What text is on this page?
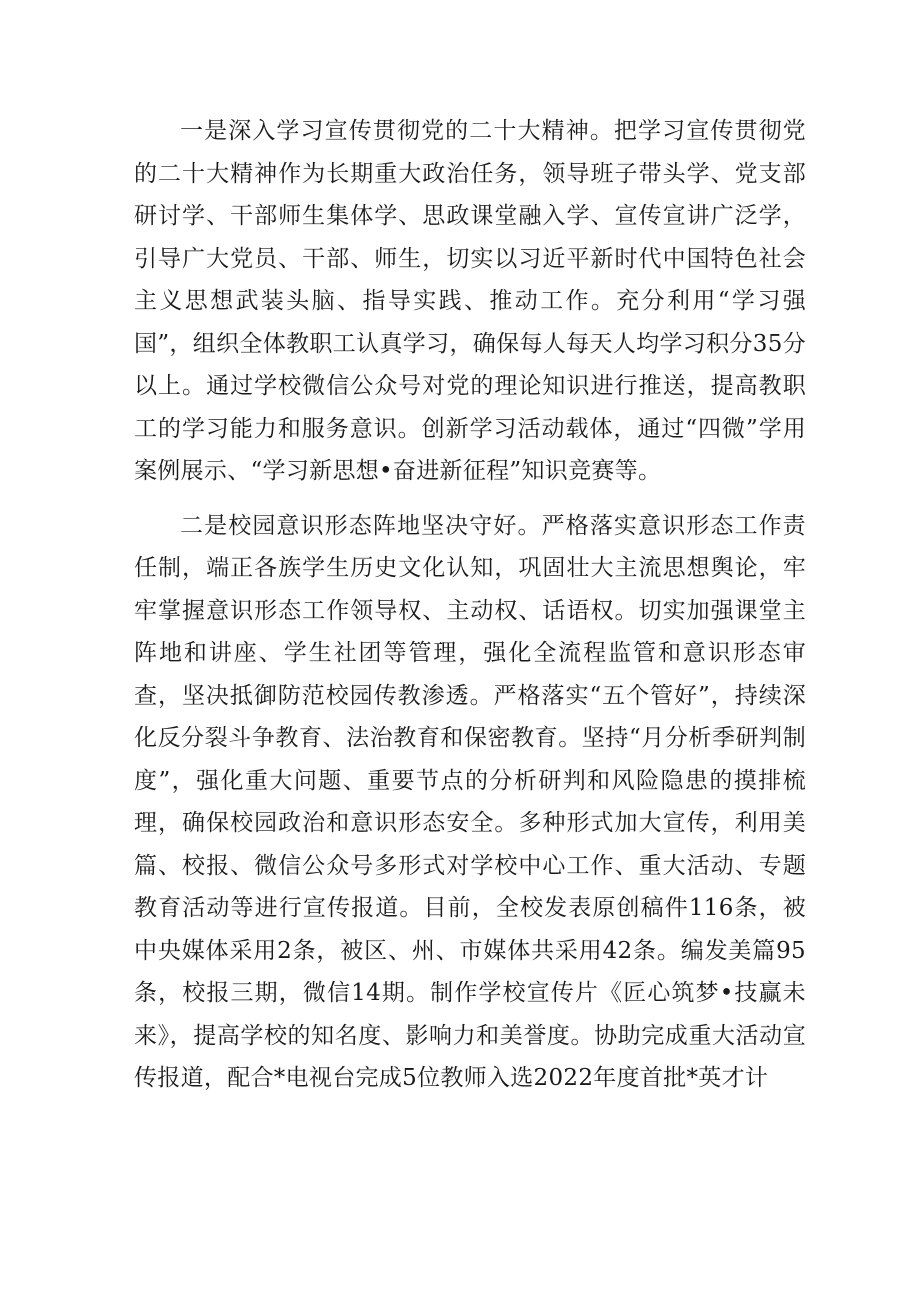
一是深入学习宣传贯彻党的二十大精神。把学习宣传贯彻党的二十大精神作为长期重大政治任务，领导班子带头学、党支部研讨学、干部师生集体学、思政课堂融入学、宣传宣讲广泛学，引导广大党员、干部、师生，切实以习近平新时代中国特色社会主义思想武装头脑、指导实践、推动工作。充分利用“学习强国”，组织全体教职工认真学习，确保每人每天人均学习积分35分以上。通过学校微信公众号对党的理论知识进行推送，提高教职工的学习能力和服务意识。创新学习活动载体，通过“四微”学用案例展示、“学习新思想•奋进新征程”知识竞赛等。

二是校园意识形态阵地坚决守好。严格落实意识形态工作责任制，端正各族学生历史文化认知，巩固壮大主流思想舆论，牢牢掌握意识形态工作领导权、主动权、话语权。切实加强课堂主阵地和讲座、学生社团等管理，强化全流程监管和意识形态审查，坚决抵御防范校园传教渗透。严格落实“五个管好”，持续深化反分裂斗争教育、法治教育和保密教育。坚持“月分析季研判制度”，强化重大问题、重要节点的分析研判和风险隐患的摸排梳理，确保校园政治和意识形态安全。多种形式加大宣传，利用美篇、校报、微信公众号多形式对学校中心工作、重大活动、专题教育活动等进行宣传报道。目前，全校发表原创稿件116条，被中央媒体采用2条，被区、州、市媒体共采用42条。编发美篇95条，校报三期，微信14期。制作学校宣传片《匠心筑梦•技赢未来》，提高学校的知名度、影响力和美誉度。协助完成重大活动宣传报道，配合*电视台完成5位教师入选2022年度首批*英才计
